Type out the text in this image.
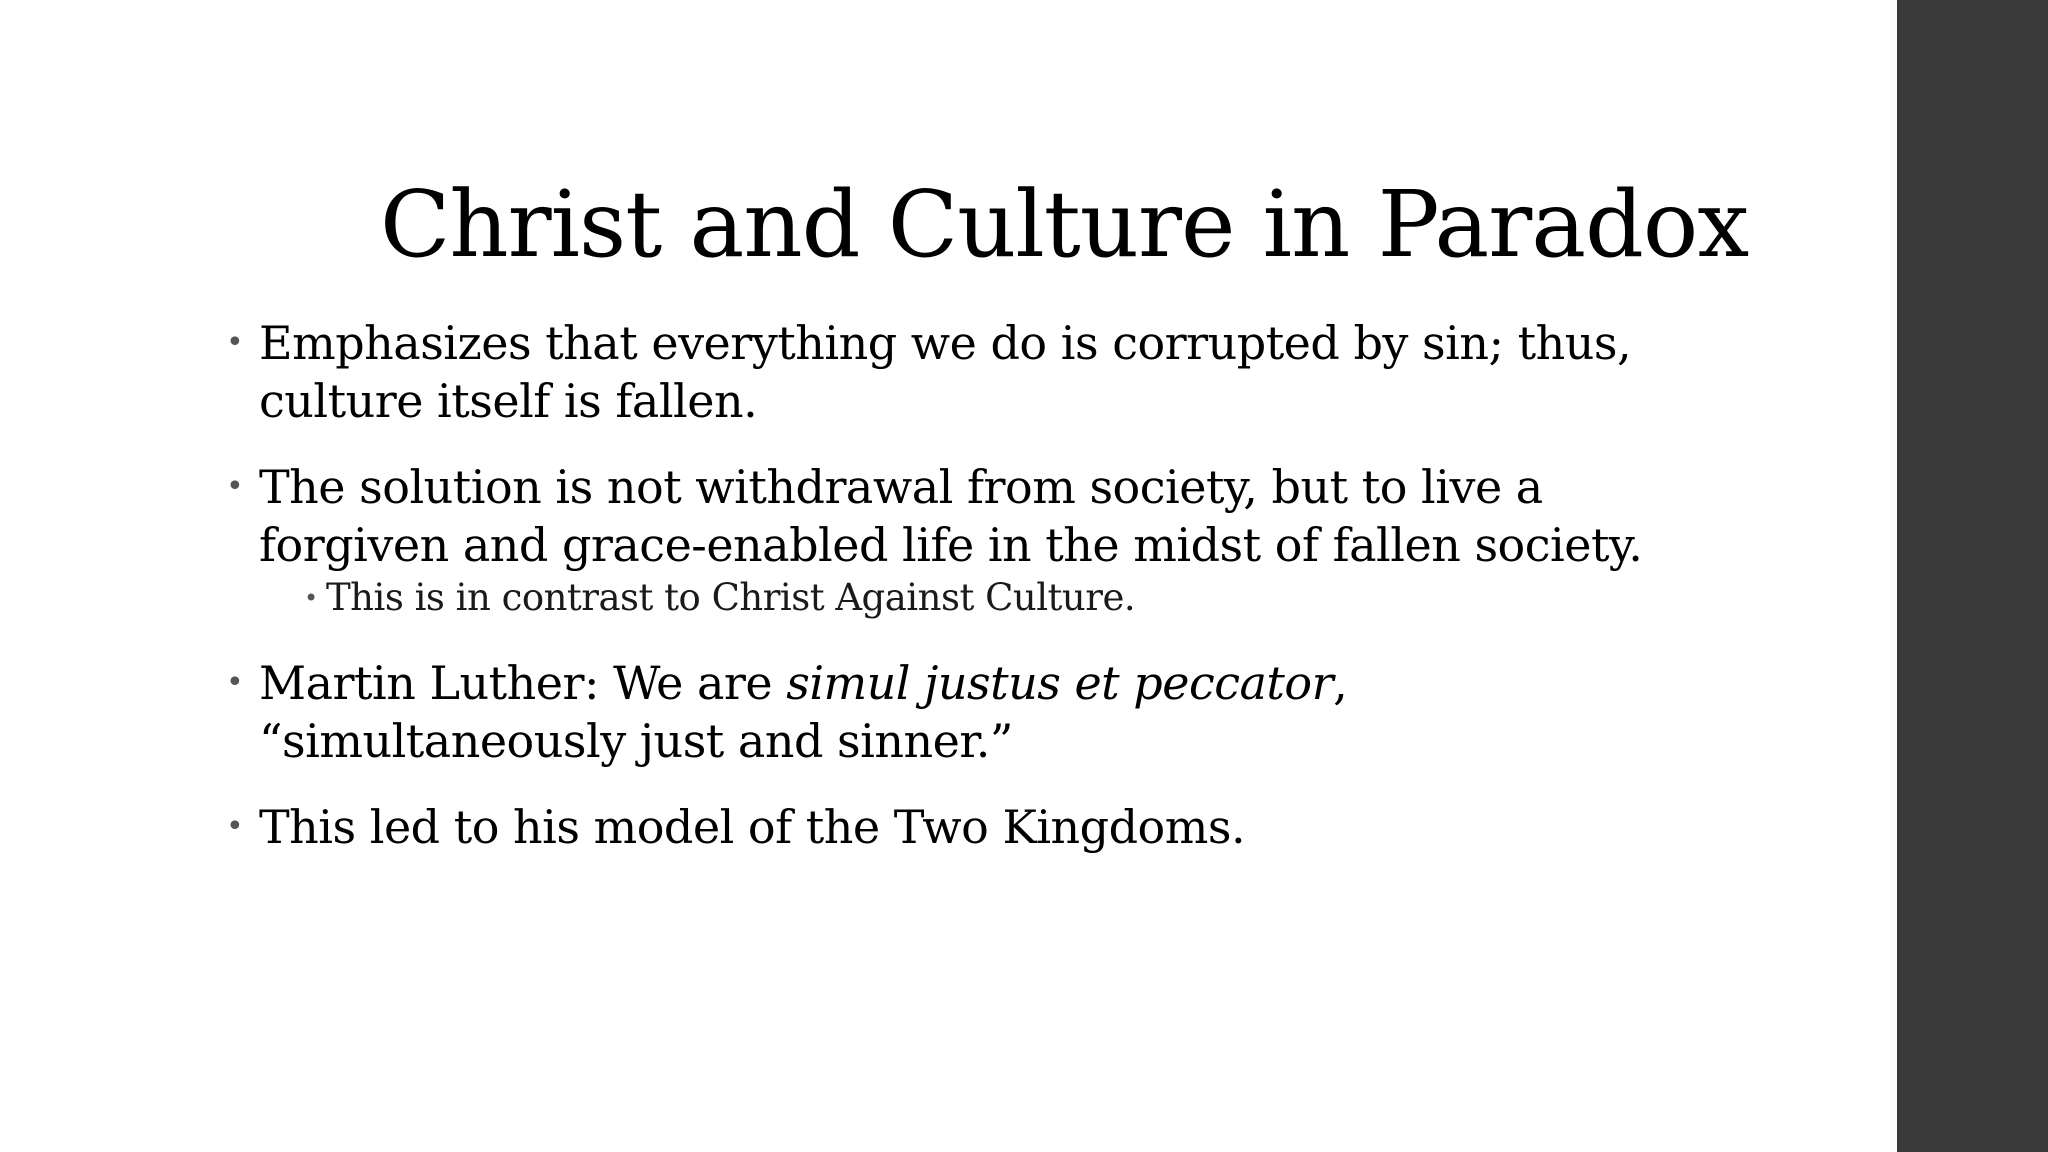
Christ and Culture in Paradox
• Emphasizes that everything we do is corrupted by sin; thus, culture itself is fallen.
• The solution is not withdrawal from society, but to live a forgiven and grace-enabled life in the midst of fallen society.
• This is in contrast to Christ Against Culture.
• Martin Luther: We are simul justus et peccator, “simultaneously just and sinner.”
• This led to his model of the Two Kingdoms.
